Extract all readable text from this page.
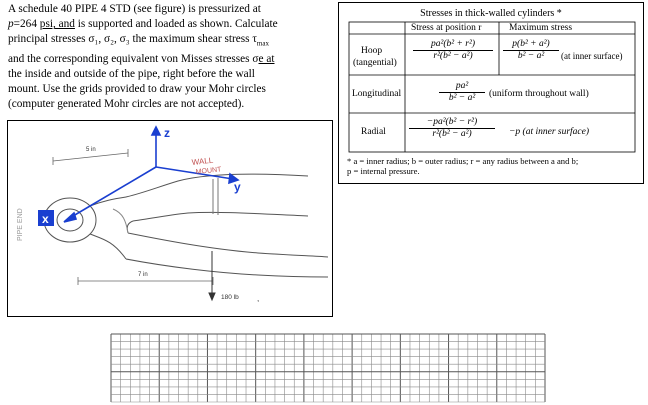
A schedule 40 PIPE 4 STD (see figure) is pressurized at

p=264 psi, and is supported and loaded as shown. Calculate

principal stresses σ₁, σ₂, σ₃ the maximum shear stress $\tau_{max}$

and the corresponding equivalent von Misses stresses σe at

the inside and outside of the pipe, right before the wall

mount. Use the grids provided to draw your Mohr circles

(computer generated Mohr circles are not accepted).

z
y
x
WALL
MOUNT
PIPE END
5 in
7 in
180 lb ,
Stresses in thick-walled cylinders *
Stress at position r	Maximum stress
Hoop
(tangential)
$\frac{\text{pa²(b² + r²)}}{\text{r²(b² − a²)}} \frac{\text{p(b² + a²)}}{\text{b² − a²}} (at$ inner surface)
Longitudinal	$\frac{\text{pa²}}{\text{b² − a²}}$ (uniform throughout wall)
Radial $\frac{\text{−pa²(b² − r²)}}{\text{r²(b² − a²)}} -p$ (at inner surface)
* a = inner radius; b = outer radius; r = any radius between a and b;
p = internal pressure.
